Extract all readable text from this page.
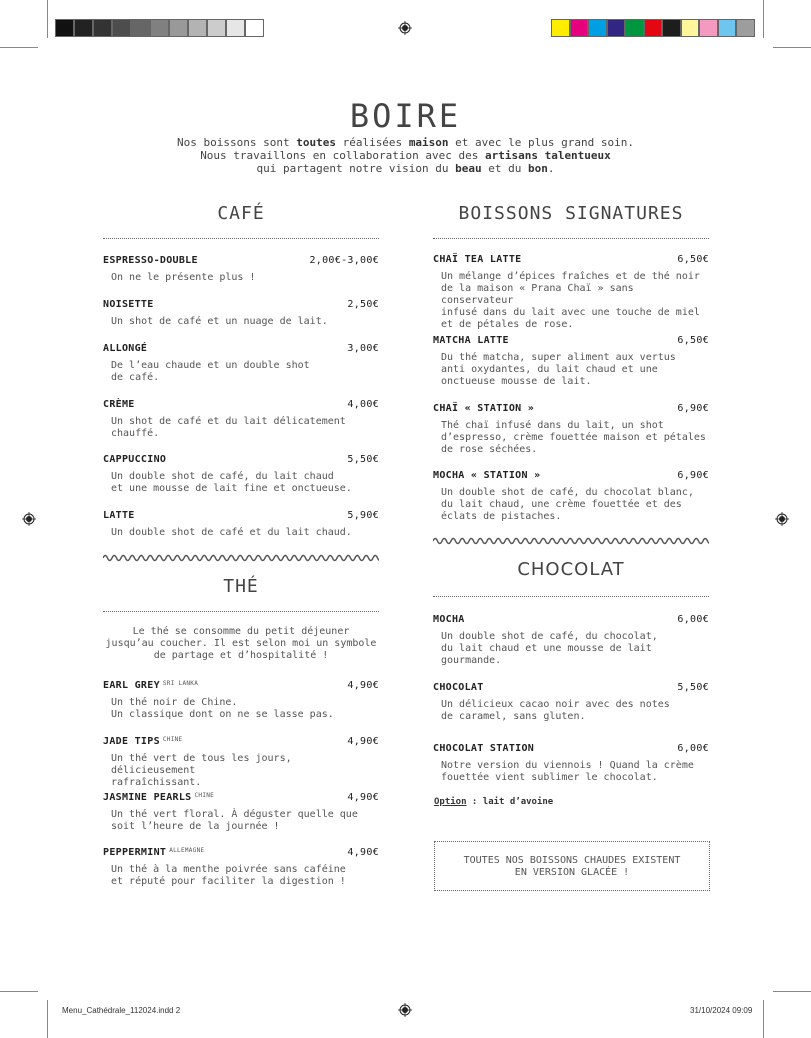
Menu_Cathédrale_112024.indd 2	31/10/2024 09:09
BOIRE
Nos boissons sont toutes réalisées maison et avec le plus grand soin.
Nous travaillons en collaboration avec des artisans talentueux
qui partagent notre vision du beau et du bon.
CAFÉ
ESPRESSO-DOUBLE	2,00€-3,00€
On ne le présente plus !
NOISETTE	2,50€
Un shot de café et un nuage de lait.
ALLONGÉ	3,00€
De l’eau chaude et un double shot
de café.
CRÈME	4,00€
Un shot de café et du lait délicatement
chauffé.
CAPPUCCINO	5,50€
Un double shot de café, du lait chaud
et une mousse de lait fine et onctueuse.
LATTE	5,90€
Un double shot de café et du lait chaud.
THÉ
Le thé se consomme du petit déjeuner
jusqu’au coucher. Il est selon moi un symbole
de partage et d’hospitalité !
EARL GREY $^{SRI LANKA}$	4,90€
Un thé noir de Chine.
Un classique dont on ne se lasse pas.
JADE TIPS $^{CHINE}$	4,90€
Un thé vert de tous les jours, délicieusement
rafraîchissant.
JASMINE PEARLS $^{CHINE}$	4,90€
Un thé vert floral. À déguster quelle que
soit l’heure de la journée !
PEPPERMINT $^{ALLEMAGNE}$	4,90€
Un thé à la menthe poivrée sans caféine
et réputé pour faciliter la digestion !
BOISSONS SIGNATURES
CHAÏ TEA LATTE	6,50€
Un mélange d’épices fraîches et de thé noir
de la maison « Prana Chaï » sans conservateur
infusé dans du lait avec une touche de miel
et de pétales de rose.
MATCHA LATTE	6,50€
Du thé matcha, super aliment aux vertus
anti oxydantes, du lait chaud et une
onctueuse mousse de lait.
CHAÏ « STATION »	6,90€
Thé chaï infusé dans du lait, un shot
d’espresso, crème fouettée maison et pétales
de rose séchées.
MOCHA « STATION »	6,90€
Un double shot de café, du chocolat blanc,
du lait chaud, une crème fouettée et des
éclats de pistaches.
CHOCOLAT
MOCHA	6,00€
Un double shot de café, du chocolat,
du lait chaud et une mousse de lait
gourmande.
CHOCOLAT	5,50€
Un délicieux cacao noir avec des notes
de caramel, sans gluten.
CHOCOLAT STATION	6,00€
Notre version du viennois ! Quand la crème
fouettée vient sublimer le chocolat.
Option : lait d’avoine
TOUTES NOS BOISSONS CHAUDES EXISTENT
EN VERSION GLACÉE !
